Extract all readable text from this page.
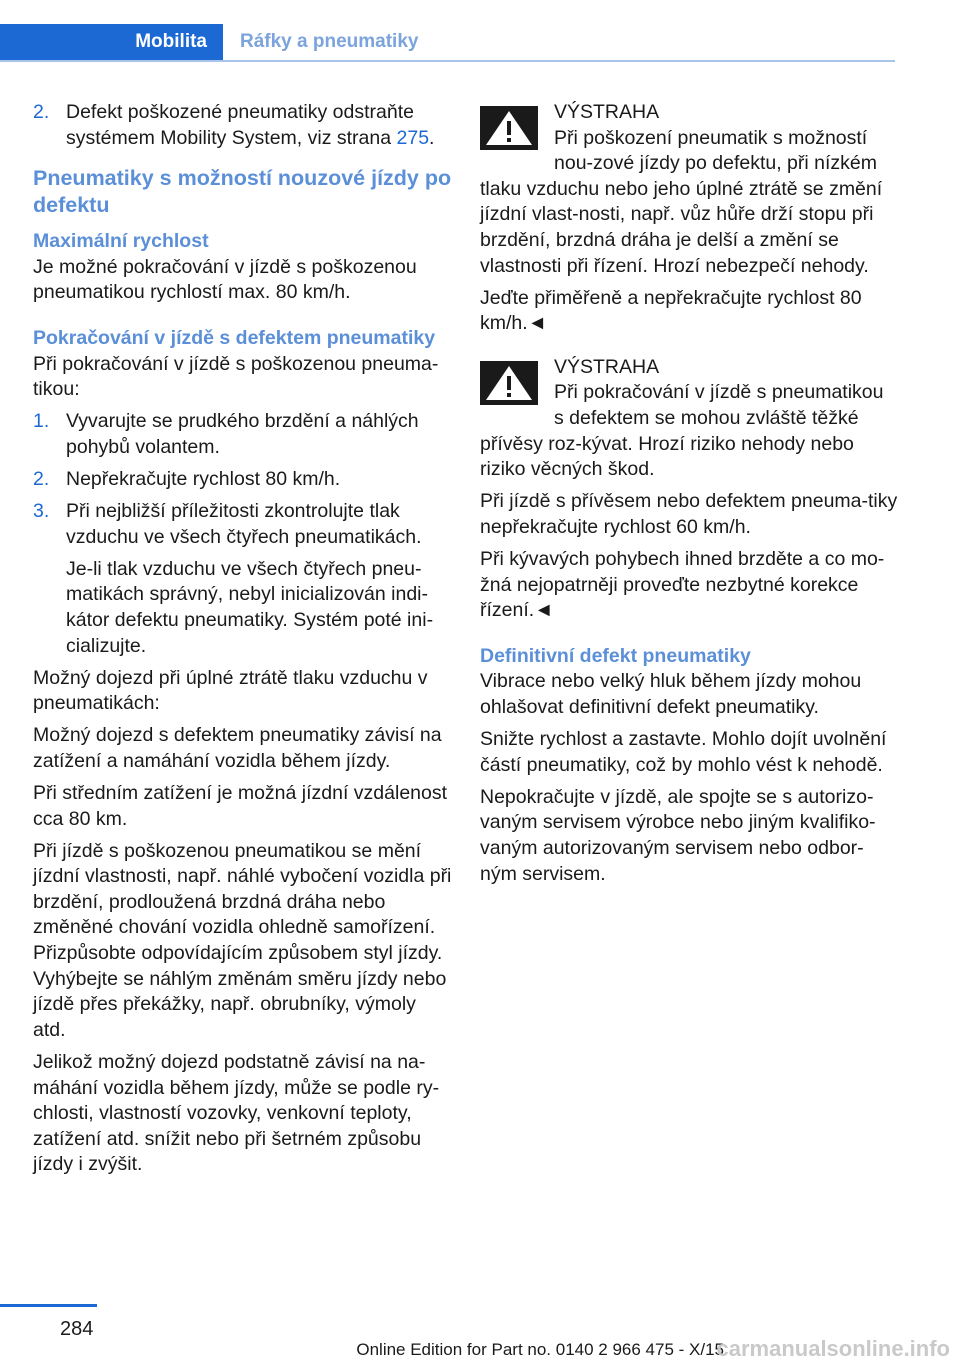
Mobilita	Ráfky a pneumatiky
2. Defekt poškozené pneumatiky odstraňte systémem Mobility System, viz strana 275.
Pneumatiky s možností nouzové jízdy po defektu
Maximální rychlost

Je možné pokračování v jízdě s poškozenou pneumatikou rychlostí max. 80 km/h.

Pokračování v jízdě s defektem pneumatiky

Při pokračování v jízdě s poškozenou pneuma‐tikou:

1. Vyvarujte se prudkého brzdění a náhlých pohybů volantem.
2. Nepřekračujte rychlost 80 km/h.
3. Při nejbližší příležitosti zkontrolujte tlak vzduchu ve všech čtyřech pneumatikách.
Je-li tlak vzduchu ve všech čtyřech pneu‐matikách správný, nebyl inicializován indi‐kátor defektu pneumatiky. Systém poté ini‐cializujte.

Možný dojezd při úplné ztrátě tlaku vzduchu v pneumatikách:

Možný dojezd s defektem pneumatiky závisí na zatížení a namáhání vozidla během jízdy.

Při středním zatížení je možná jízdní vzdálenost cca 80 km.

Při jízdě s poškozenou pneumatikou se mění jízdní vlastnosti, např. náhlé vybočení vozidla při brzdění, prodloužená brzdná dráha nebo změněné chování vozidla ohledně samořízení. Přizpůsobte odpovídajícím způsobem styl jízdy. Vyhýbejte se náhlým změnám směru jízdy nebo jízdě přes překážky, např. obrubníky, výmoly atd.

Jelikož možný dojezd podstatně závisí na na‐máhání vozidla během jízdy, může se podle ry‐chlosti, vlastností vozovky, venkovní teploty, zatížení atd. snížit nebo při šetrném způsobu jízdy i zvýšit.

VÝSTRAHA

Při poškození pneumatik s možností nou‐zové jízdy po defektu, při nízkém tlaku vzduchu nebo jeho úplné ztrátě se změní jízdní vlast‐nosti, např. vůz hůře drží stopu při brzdění, brzdná dráha je delší a změní se vlastnosti při řízení. Hrozí nebezpečí nehody.

Jeďte přiměřeně a nepřekračujte rychlost 80 km/h.◄

VÝSTRAHA

Při pokračování v jízdě s pneumatikou s defektem se mohou zvláště těžké přívěsy roz‐kývat. Hrozí riziko nehody nebo riziko věcných škod.

Při jízdě s přívěsem nebo defektem pneuma‐tiky nepřekračujte rychlost 60 km/h.

Při kývavých pohybech ihned brzděte a co mo‐žná nejopatrněji proveďte nezbytné korekce řízení.◄

Definitivní defekt pneumatiky

Vibrace nebo velký hluk během jízdy mohou ohlašovat definitivní defekt pneumatiky.

Snižte rychlost a zastavte. Mohlo dojít uvolnění částí pneumatiky, což by mohlo vést k nehodě.

Nepokračujte v jízdě, ale spojte se s autorizo‐vaným servisem výrobce nebo jiným kvalifiko‐vaným autorizovaným servisem nebo odbor‐ným servisem.

284
Online Edition for Part no. 0140 2 966 475 - X/15
carmanualsonline.info
